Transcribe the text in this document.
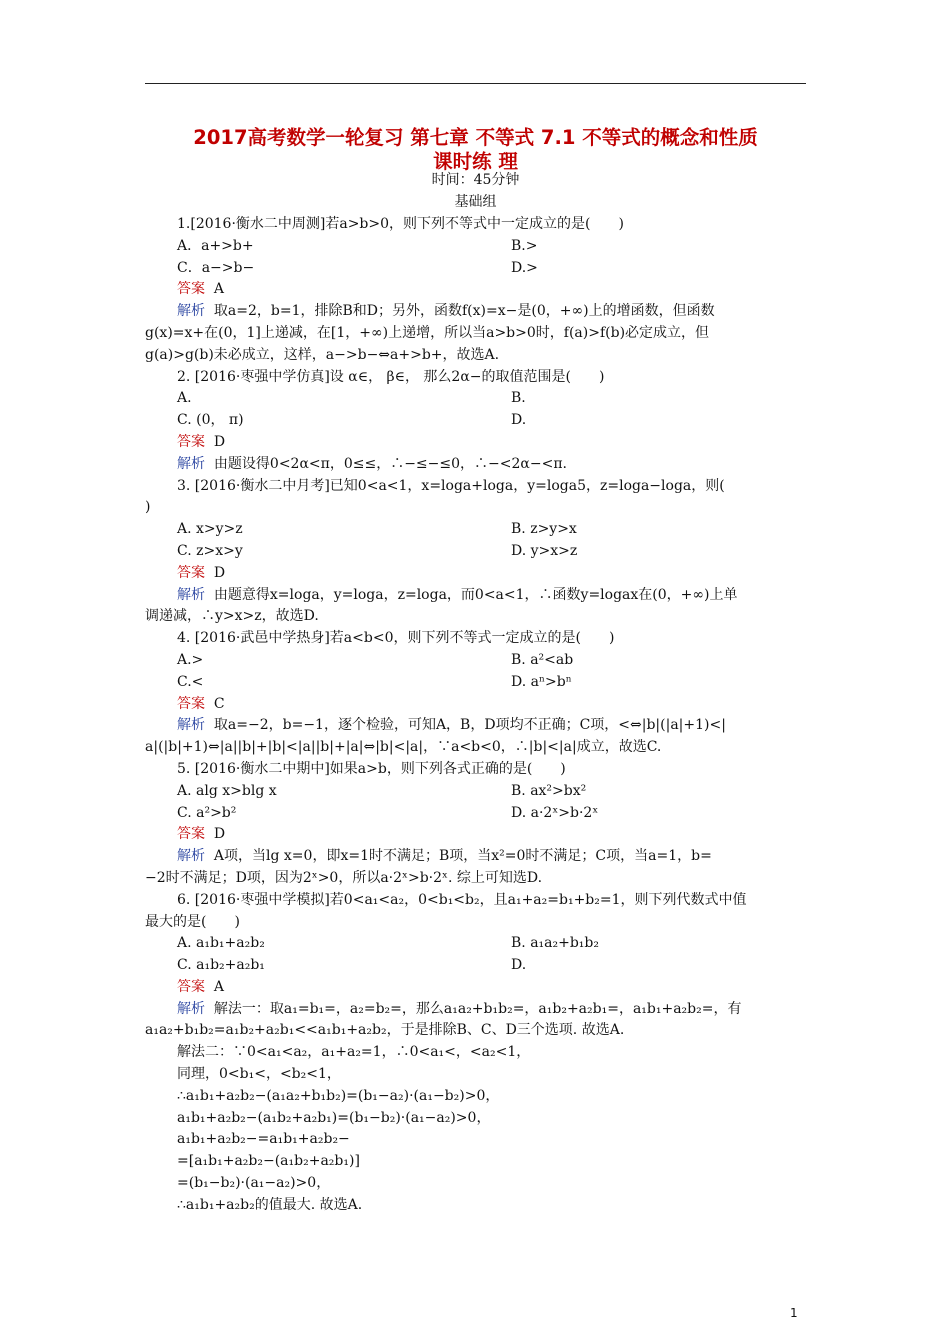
2017高考数学一轮复习 第七章 不等式 7.1 不等式的概念和性质
课时练 理
时间：45分钟
基础组
1.[2016·衡水二中周测]若a>b>0，则下列不等式中一定成立的是(　　)
A．a+>b+	B.>
C．a−>b−	D.>
答案 A
解析 取a=2，b=1，排除B和D；另外，函数f(x)=x−是(0，+∞)上的增函数，但函数
g(x)=x+在(0，1]上递减，在[1，+∞)上递增，所以当a>b>0时，f(a)>f(b)必定成立，但
g(a)>g(b)未必成立，这样，a−>b−⇔a+>b+，故选A.
2. [2016·枣强中学仿真]设 α∈， β∈， 那么2α−的取值范围是(　　)
A.	B.
C. (0， π)	D.
答案 D
解析 由题设得0<2α<π，0≤≤，∴−≤−≤0，∴−<2α−<π.
3. [2016·衡水二中月考]已知0<a<1，x=loga+loga，y=loga5，z=loga−loga，则(
)
A. x>y>z	B. z>y>x
C. z>x>y	D. y>x>z
答案 D
解析 由题意得x=loga，y=loga，z=loga，而0<a<1，∴函数y=logax在(0，+∞)上单
调递减，∴y>x>z，故选D.
4. [2016·武邑中学热身]若a<b<0，则下列不等式一定成立的是(　　)
A.>	B. a²<ab
C.<	D. aⁿ>bⁿ
答案 C
解析 取a=−2，b=−1，逐个检验，可知A，B，D项均不正确；C项，<⇔|b|(|a|+1)<|
a|(|b|+1)⇔|a||b|+|b|<|a||b|+|a|⇔|b|<|a|，∵a<b<0，∴|b|<|a|成立，故选C.
5. [2016·衡水二中期中]如果a>b，则下列各式正确的是(　　)
A. alg x>blg x	B. ax²>bx²
C. a²>b²	D. a·2ˣ>b·2ˣ
答案 D
解析 A项，当lg x=0，即x=1时不满足；B项，当x²=0时不满足；C项，当a=1，b=
−2时不满足；D项，因为2ˣ>0，所以a·2ˣ>b·2ˣ. 综上可知选D.
6. [2016·枣强中学模拟]若0<a₁<a₂，0<b₁<b₂，且a₁+a₂=b₁+b₂=1，则下列代数式中值
最大的是(　　)
A. a₁b₁+a₂b₂	B. a₁a₂+b₁b₂
C. a₁b₂+a₂b₁	D.
答案 A
解析 解法一：取a₁=b₁=，a₂=b₂=，那么a₁a₂+b₁b₂=，a₁b₂+a₂b₁=，a₁b₁+a₂b₂=，有
a₁a₂+b₁b₂=a₁b₂+a₂b₁<<a₁b₁+a₂b₂，于是排除B、C、D三个选项. 故选A.
解法二：∵0<a₁<a₂，a₁+a₂=1，∴0<a₁<，<a₂<1，
同理，0<b₁<，<b₂<1，
∴a₁b₁+a₂b₂−(a₁a₂+b₁b₂)=(b₁−a₂)·(a₁−b₂)>0，
a₁b₁+a₂b₂−(a₁b₂+a₂b₁)=(b₁−b₂)·(a₁−a₂)>0，
a₁b₁+a₂b₂−=a₁b₁+a₂b₂−
=[a₁b₁+a₂b₂−(a₁b₂+a₂b₁)]
=(b₁−b₂)·(a₁−a₂)>0，
∴a₁b₁+a₂b₂的值最大. 故选A.
1
